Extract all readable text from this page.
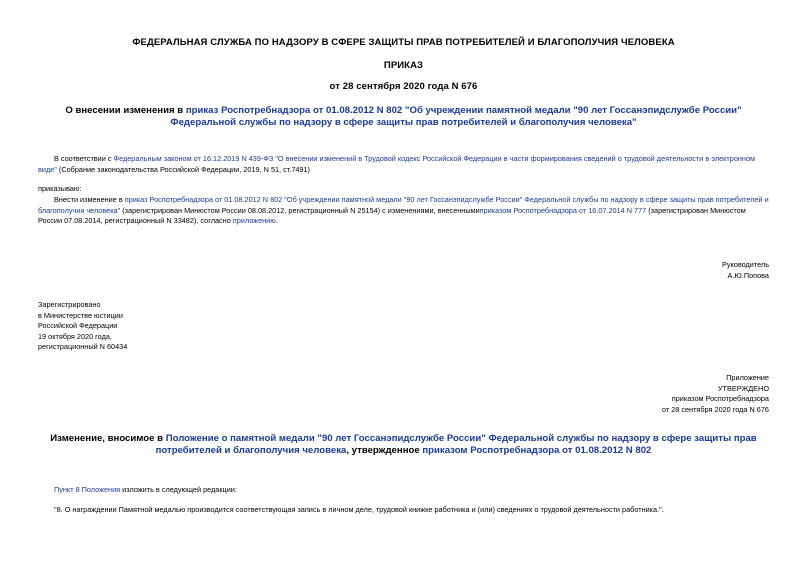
ФЕДЕРАЛЬНАЯ СЛУЖБА ПО НАДЗОРУ В СФЕРЕ ЗАЩИТЫ ПРАВ ПОТРЕБИТЕЛЕЙ И БЛАГОПОЛУЧИЯ ЧЕЛОВЕКА
ПРИКАЗ
от 28 сентября 2020 года N 676
О внесении изменения в приказ Роспотребнадзора от 01.08.2012 N 802 "Об учреждении памятной медали "90 лет Госсанэпидслужбе России" Федеральной службы по надзору в сфере защиты прав потребителей и благополучия человека"
В соответствии с Федеральным законом от 16.12.2019 N 439-ФЗ "О внесении изменений в Трудовой кодекс Российской Федерации в части формирования сведений о трудовой деятельности в электронном виде" (Собрание законодательства Российской Федерации, 2019, N 51, ст.7491)
приказываю:
Внести изменение в приказ Роспотребнадзора от 01.08.2012 N 802 "Об учреждении памятной медали "90 лет Госсанэпидслужбе России" Федеральной службы по надзору в сфере защиты прав потребителей и благополучия человека" (зарегистрирован Минюстом России 08.08.2012, регистрационный N 25154) с изменениями, внесеннымиприказом Роспотребнадзора от 16.07.2014 N 777 (зарегистрирован Минюстом России 07.08.2014, регистрационный N 33482), согласно приложению.

Руководитель

А.Ю.Попова

Зарегистрировано

в Министерстве юстиции

Российской Федерации

19 октября 2020 года,

регистрационный N 60434

Приложение

УТВЕРЖДЕНО

приказом Роспотребнадзора

от 28 сентября 2020 года N 676

Изменение, вносимое в Положение о памятной медали "90 лет Госсанэпидслужбе России" Федеральной службы по надзору в сфере защиты прав потребителей и благополучия человека, утвержденное приказом Роспотребнадзора от 01.08.2012 N 802
Пункт 8 Положения изложить в следующей редакции:
"8. О награждении Памятной медалью производится соответствующая запись в личном деле, трудовой книжке работника и (или) сведениях о трудовой деятельности работника.".
